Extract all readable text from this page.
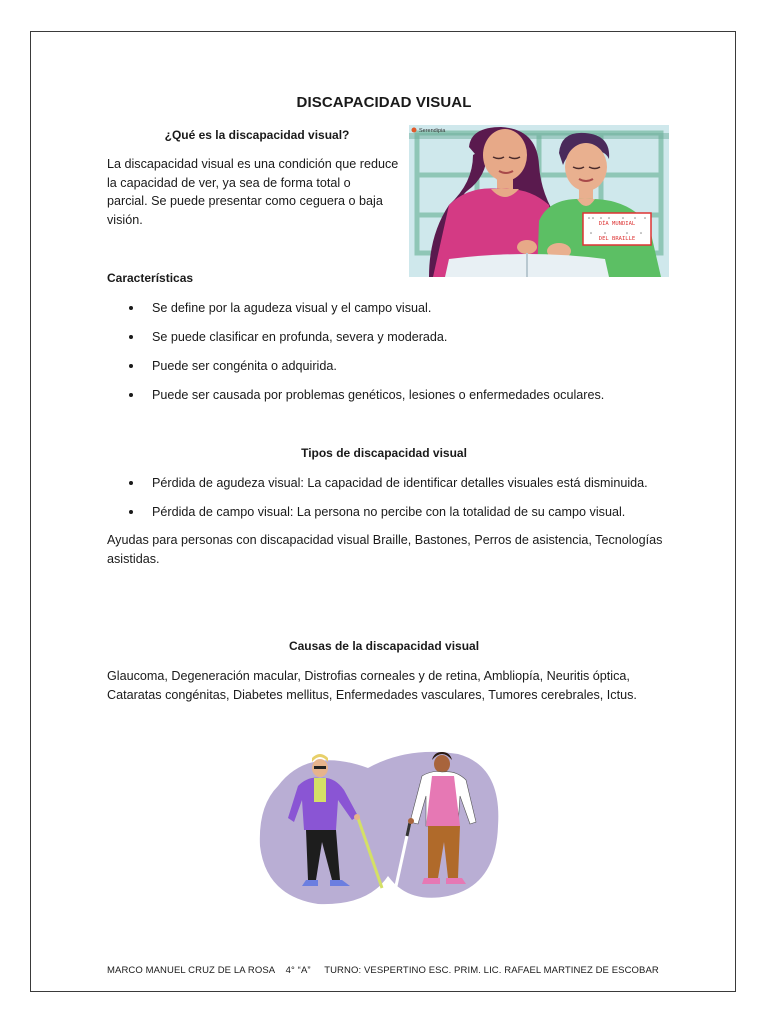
DISCAPACIDAD VISUAL
¿Qué es la discapacidad visual?
La discapacidad visual es una condición que reduce
la capacidad de ver, ya sea de forma total o
parcial. Se puede presentar como ceguera o baja
visión.	DÍA MUNDIAL
DEL BRAILLE
Serendipia
Características
Se define por la agudeza visual y el campo visual.
Se puede clasificar en profunda, severa y moderada.
Puede ser congénita o adquirida.
Puede ser causada por problemas genéticos, lesiones o enfermedades oculares.
Tipos de discapacidad visual
Pérdida de agudeza visual: La capacidad de identificar detalles visuales está disminuida.
Pérdida de campo visual: La persona no percibe con la totalidad de su campo visual.
Ayudas para personas con discapacidad visual Braille, Bastones, Perros de asistencia, Tecnologías
asistidas.
Causas de la discapacidad visual
Glaucoma, Degeneración macular, Distrofias corneales y de retina, Ambliopía, Neuritis óptica,
Cataratas congénitas, Diabetes mellitus, Enfermedades vasculares, Tumores cerebrales, Ictus.
MARCO MANUEL CRUZ DE LA ROSA 4° “A” TURNO: VESPERTINO ESC. PRIM. LIC. RAFAEL MARTINEZ DE ESCOBAR
